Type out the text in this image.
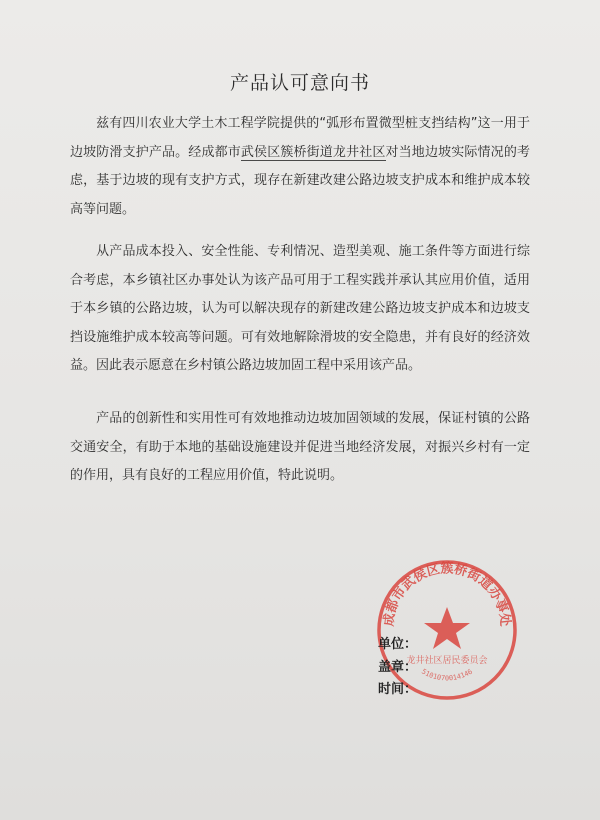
产品认可意向书

兹有四川农业大学土木工程学院提供的“弧形布置微型桩支挡结构”这一用于边坡防滑支护产品。经成都市武侯区簇桥街道龙井社区对当地边坡实际情况的考虑，基于边坡的现有支护方式，现存在新建改建公路边坡支护成本和维护成本较高等问题。

从产品成本投入、安全性能、专利情况、造型美观、施工条件等方面进行综合考虑，本乡镇社区办事处认为该产品可用于工程实践并承认其应用价值，适用于本乡镇的公路边坡，认为可以解决现存的新建改建公路边坡支护成本和边坡支挡设施维护成本较高等问题。可有效地解除滑坡的安全隐患，并有良好的经济效益。因此表示愿意在乡村镇公路边坡加固工程中采用该产品。

产品的创新性和实用性可有效地推动边坡加固领域的发展，保证村镇的公路交通安全，有助于本地的基础设施建设并促进当地经济发展，对振兴乡村有一定的作用，具有良好的工程应用价值，特此说明。

成都市武侯区簇桥街道办事处
龙井社区居民委员会
5101070014146
单位：
盖章：
时间：
